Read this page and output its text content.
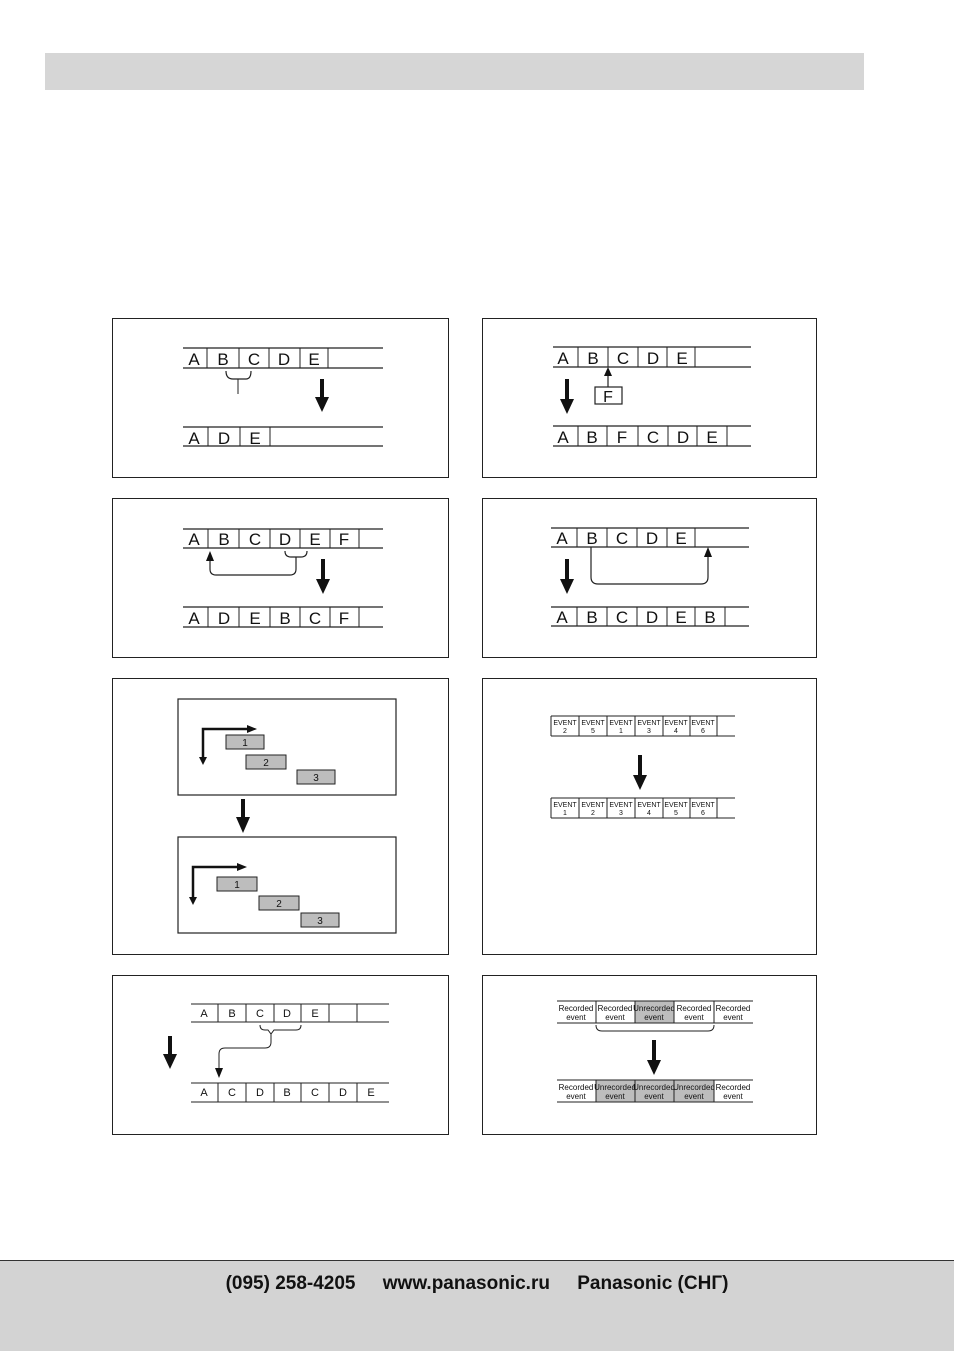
A B C D E
A D E
A B C D E
F
A B F C D E
A B C D E F
A D E B C F
A B C D E
A B C D E B
1
2
3
1
2
3
EVENT
2
EVENT
5
EVENT
1
EVENT
3
EVENT
4
EVENT
6
EVENT
1
EVENT
2
EVENT
3
EVENT
4
EVENT
5
EVENT
6
A B C D E
A C D B C D E
Recorded
event
Recorded
event
Unrecorded
event
Recorded
event
Recorded
event
Recorded
event
Unrecorded
event
Unrecorded
event
Unrecorded
event
Recorded
event
(095) 258-4205 www.panasonic.ru Panasonic (СНГ)
